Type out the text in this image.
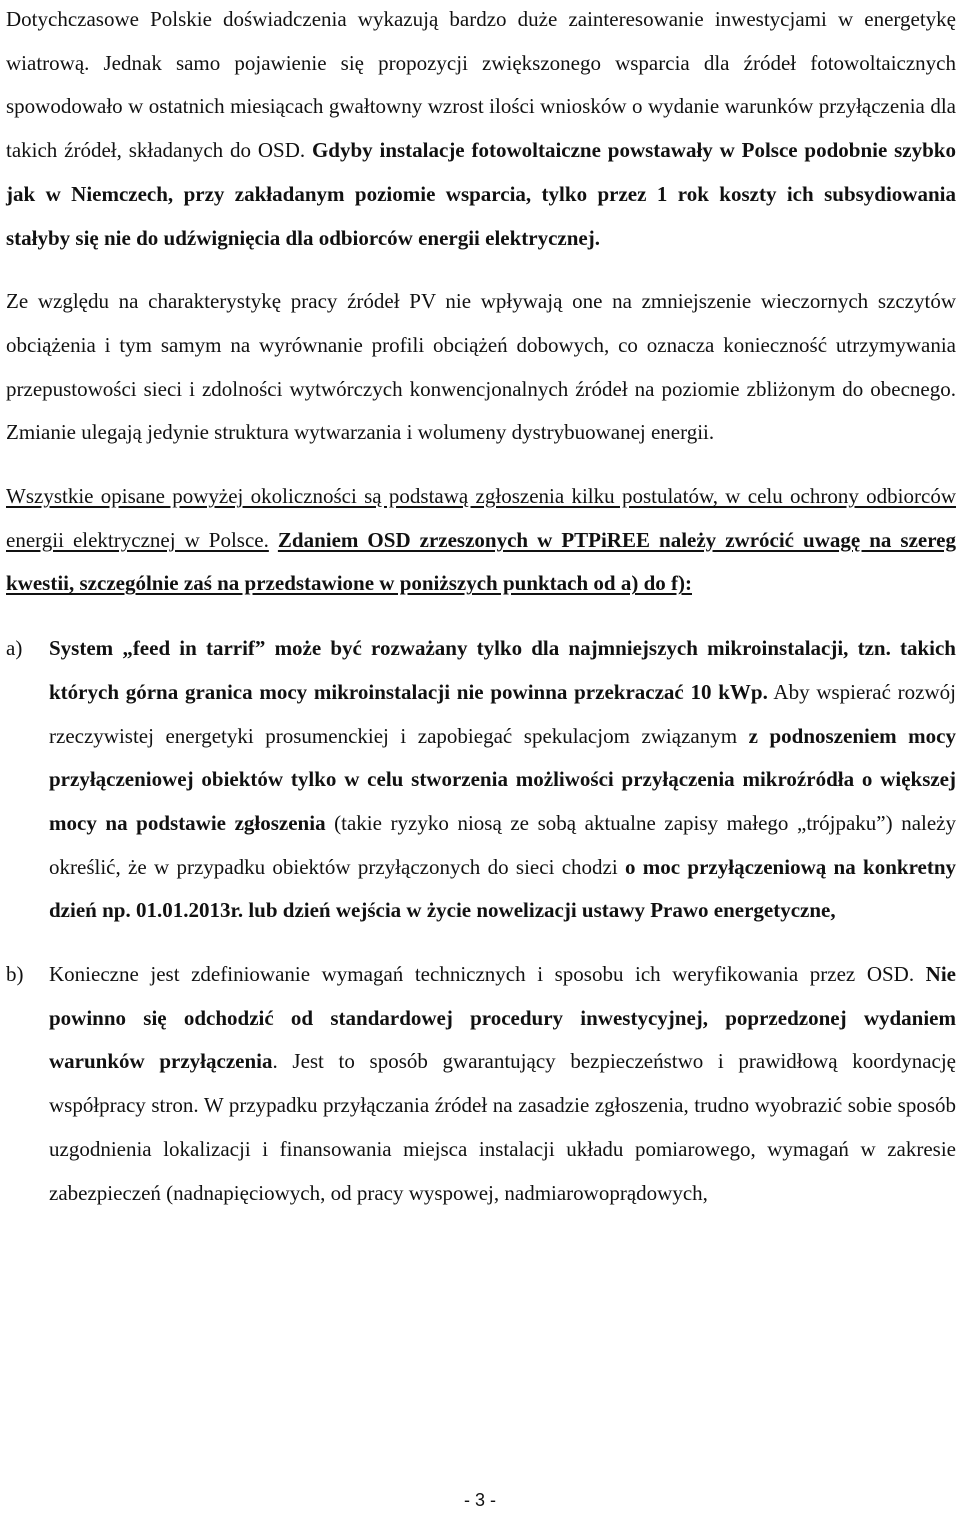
Dotychczasowe Polskie doświadczenia wykazują bardzo duże zainteresowanie inwestycjami w energetykę wiatrową. Jednak samo pojawienie się propozycji zwiększonego wsparcia dla źródeł fotowoltaicznych spowodowało w ostatnich miesiącach gwałtowny wzrost ilości wniosków o wydanie warunków przyłączenia dla takich źródeł, składanych do OSD. Gdyby instalacje fotowoltaiczne powstawały w Polsce podobnie szybko jak w Niemczech, przy zakładanym poziomie wsparcia, tylko przez 1 rok koszty ich subsydiowania stałyby się nie do udźwignięcia dla odbiorców energii elektrycznej.

Ze względu na charakterystykę pracy źródeł PV nie wpływają one na zmniejszenie wieczornych szczytów obciążenia i tym samym na wyrównanie profili obciążeń dobowych, co oznacza konieczność utrzymywania przepustowości sieci i zdolności wytwórczych konwencjonalnych źródeł na poziomie zbliżonym do obecnego. Zmianie ulegają jedynie struktura wytwarzania i wolumeny dystrybuowanej energii.

Wszystkie opisane powyżej okoliczności są podstawą zgłoszenia kilku postulatów, w celu ochrony odbiorców energii elektrycznej w Polsce. Zdaniem OSD zrzeszonych w PTPiREE należy zwrócić uwagę na szereg kwestii, szczególnie zaś na przedstawione w poniższych punktach od a) do f):

a)	System „feed in tarrif” może być rozważany tylko dla najmniejszych mikroinstalacji, tzn. takich których górna granica mocy mikroinstalacji nie powinna przekraczać 10 kWp. Aby wspierać rozwój rzeczywistej energetyki prosumenckiej i zapobiegać spekulacjom związanym z podnoszeniem mocy przyłączeniowej obiektów tylko w celu stworzenia możliwości przyłączenia mikroźródła o większej mocy na podstawie zgłoszenia (takie ryzyko niosą ze sobą aktualne zapisy małego „trójpaku”) należy określić, że w przypadku obiektów przyłączonych do sieci chodzi o moc przyłączeniową na konkretny dzień np. 01.01.2013r. lub dzień wejścia w życie nowelizacji ustawy Prawo energetyczne,

b)	Konieczne jest zdefiniowanie wymagań technicznych i sposobu ich weryfikowania przez OSD. Nie powinno się odchodzić od standardowej procedury inwestycyjnej, poprzedzonej wydaniem warunków przyłączenia. Jest to sposób gwarantujący bezpieczeństwo i prawidłową koordynację współpracy stron. W przypadku przyłączania źródeł na zasadzie zgłoszenia, trudno wyobrazić sobie sposób uzgodnienia lokalizacji i finansowania miejsca instalacji układu pomiarowego, wymagań w zakresie zabezpieczeń (nadnapięciowych, od pracy wyspowej, nadmiarowoprądowych,

- 3 -
